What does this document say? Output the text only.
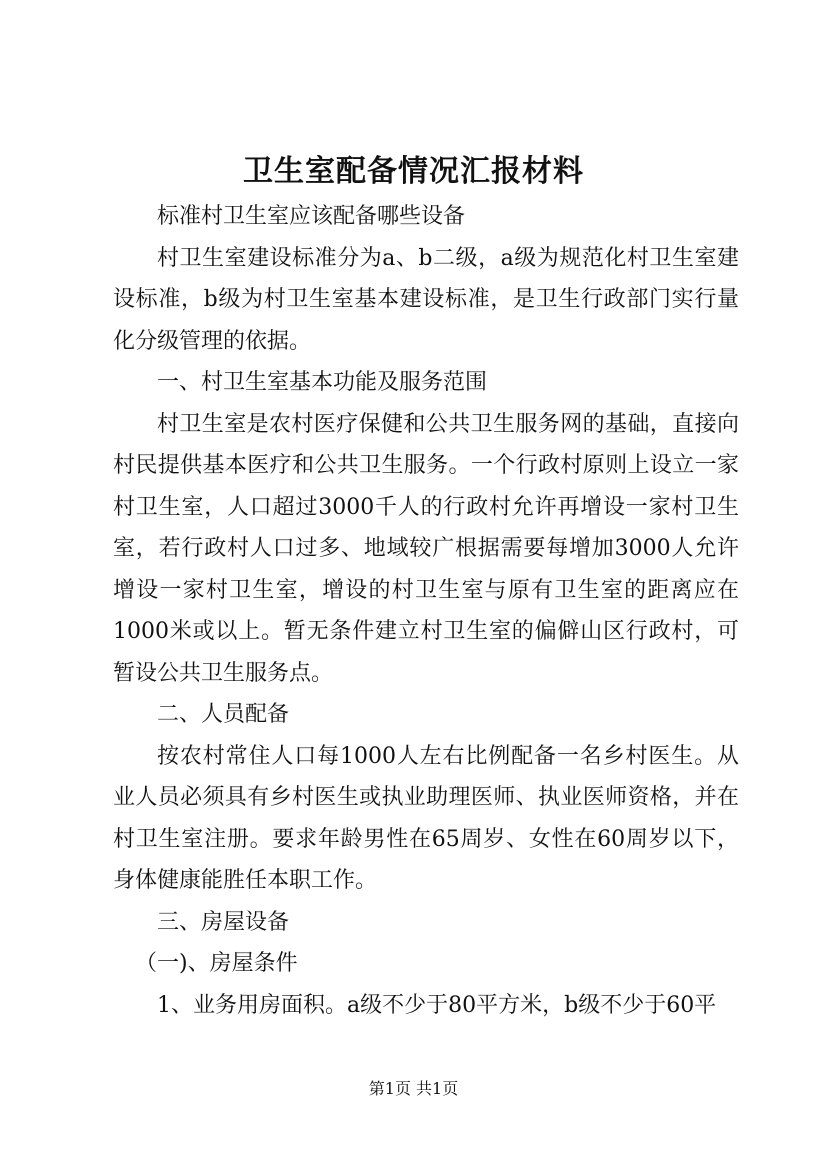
卫生室配备情况汇报材料

标准村卫生室应该配备哪些设备

村卫生室建设标准分为a、b二级，a级为规范化村卫生室建设标准，b级为村卫生室基本建设标准，是卫生行政部门实行量化分级管理的依据。

一、村卫生室基本功能及服务范围

村卫生室是农村医疗保健和公共卫生服务网的基础，直接向村民提供基本医疗和公共卫生服务。一个行政村原则上设立一家村卫生室，人口超过3000千人的行政村允许再增设一家村卫生室，若行政村人口过多、地域较广根据需要每增加3000人允许增设一家村卫生室，增设的村卫生室与原有卫生室的距离应在1000米或以上。暂无条件建立村卫生室的偏僻山区行政村，可暂设公共卫生服务点。

二、人员配备

按农村常住人口每1000人左右比例配备一名乡村医生。从业人员必须具有乡村医生或执业助理医师、执业医师资格，并在村卫生室注册。要求年龄男性在65周岁、女性在60周岁以下，身体健康能胜任本职工作。

三、房屋设备

（一)、房屋条件

1、业务用房面积。a级不少于80平方米，b级不少于60平

第1页 共1页
